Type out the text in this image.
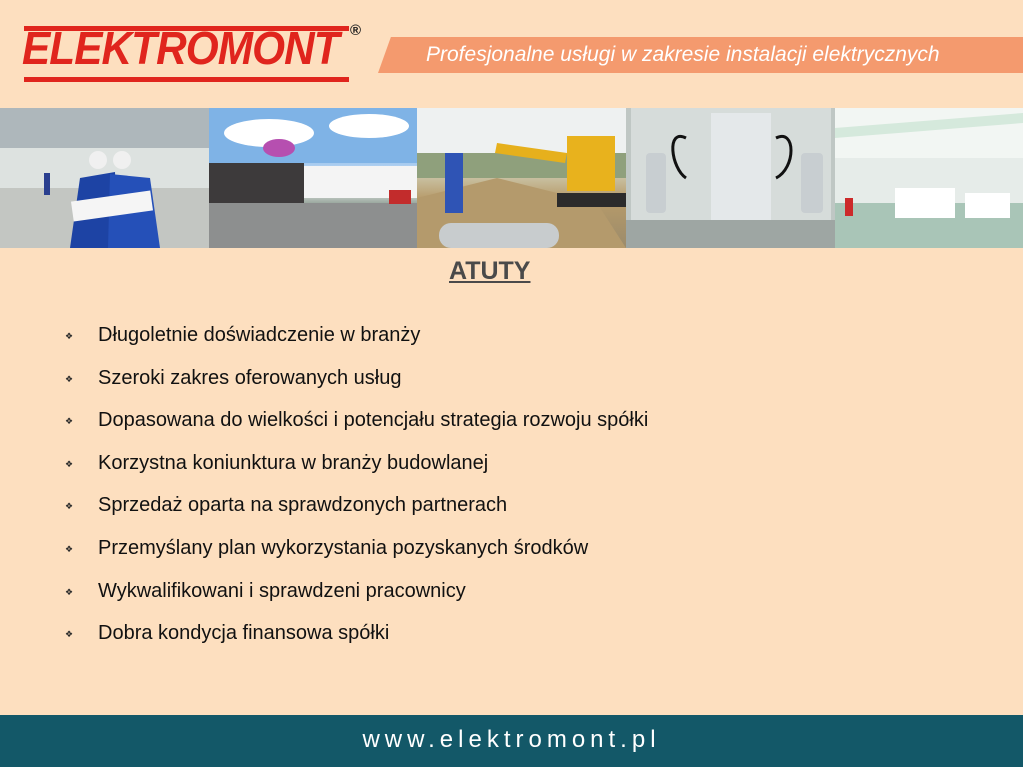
ELEKTROMONT ®
Profesjonalne usługi w zakresie instalacji elektrycznych
ATUTY
❖ Długoletnie doświadczenie w branży
❖ Szeroki zakres oferowanych usług
❖ Dopasowana do wielkości i potencjału strategia rozwoju spółki
❖ Korzystna koniunktura w branży budowlanej
❖ Sprzedaż oparta na sprawdzonych partnerach
❖ Przemyślany plan wykorzystania pozyskanych środków
❖ Wykwalifikowani i sprawdzeni pracownicy
❖ Dobra kondycja finansowa spółki
www.elektromont.pl
